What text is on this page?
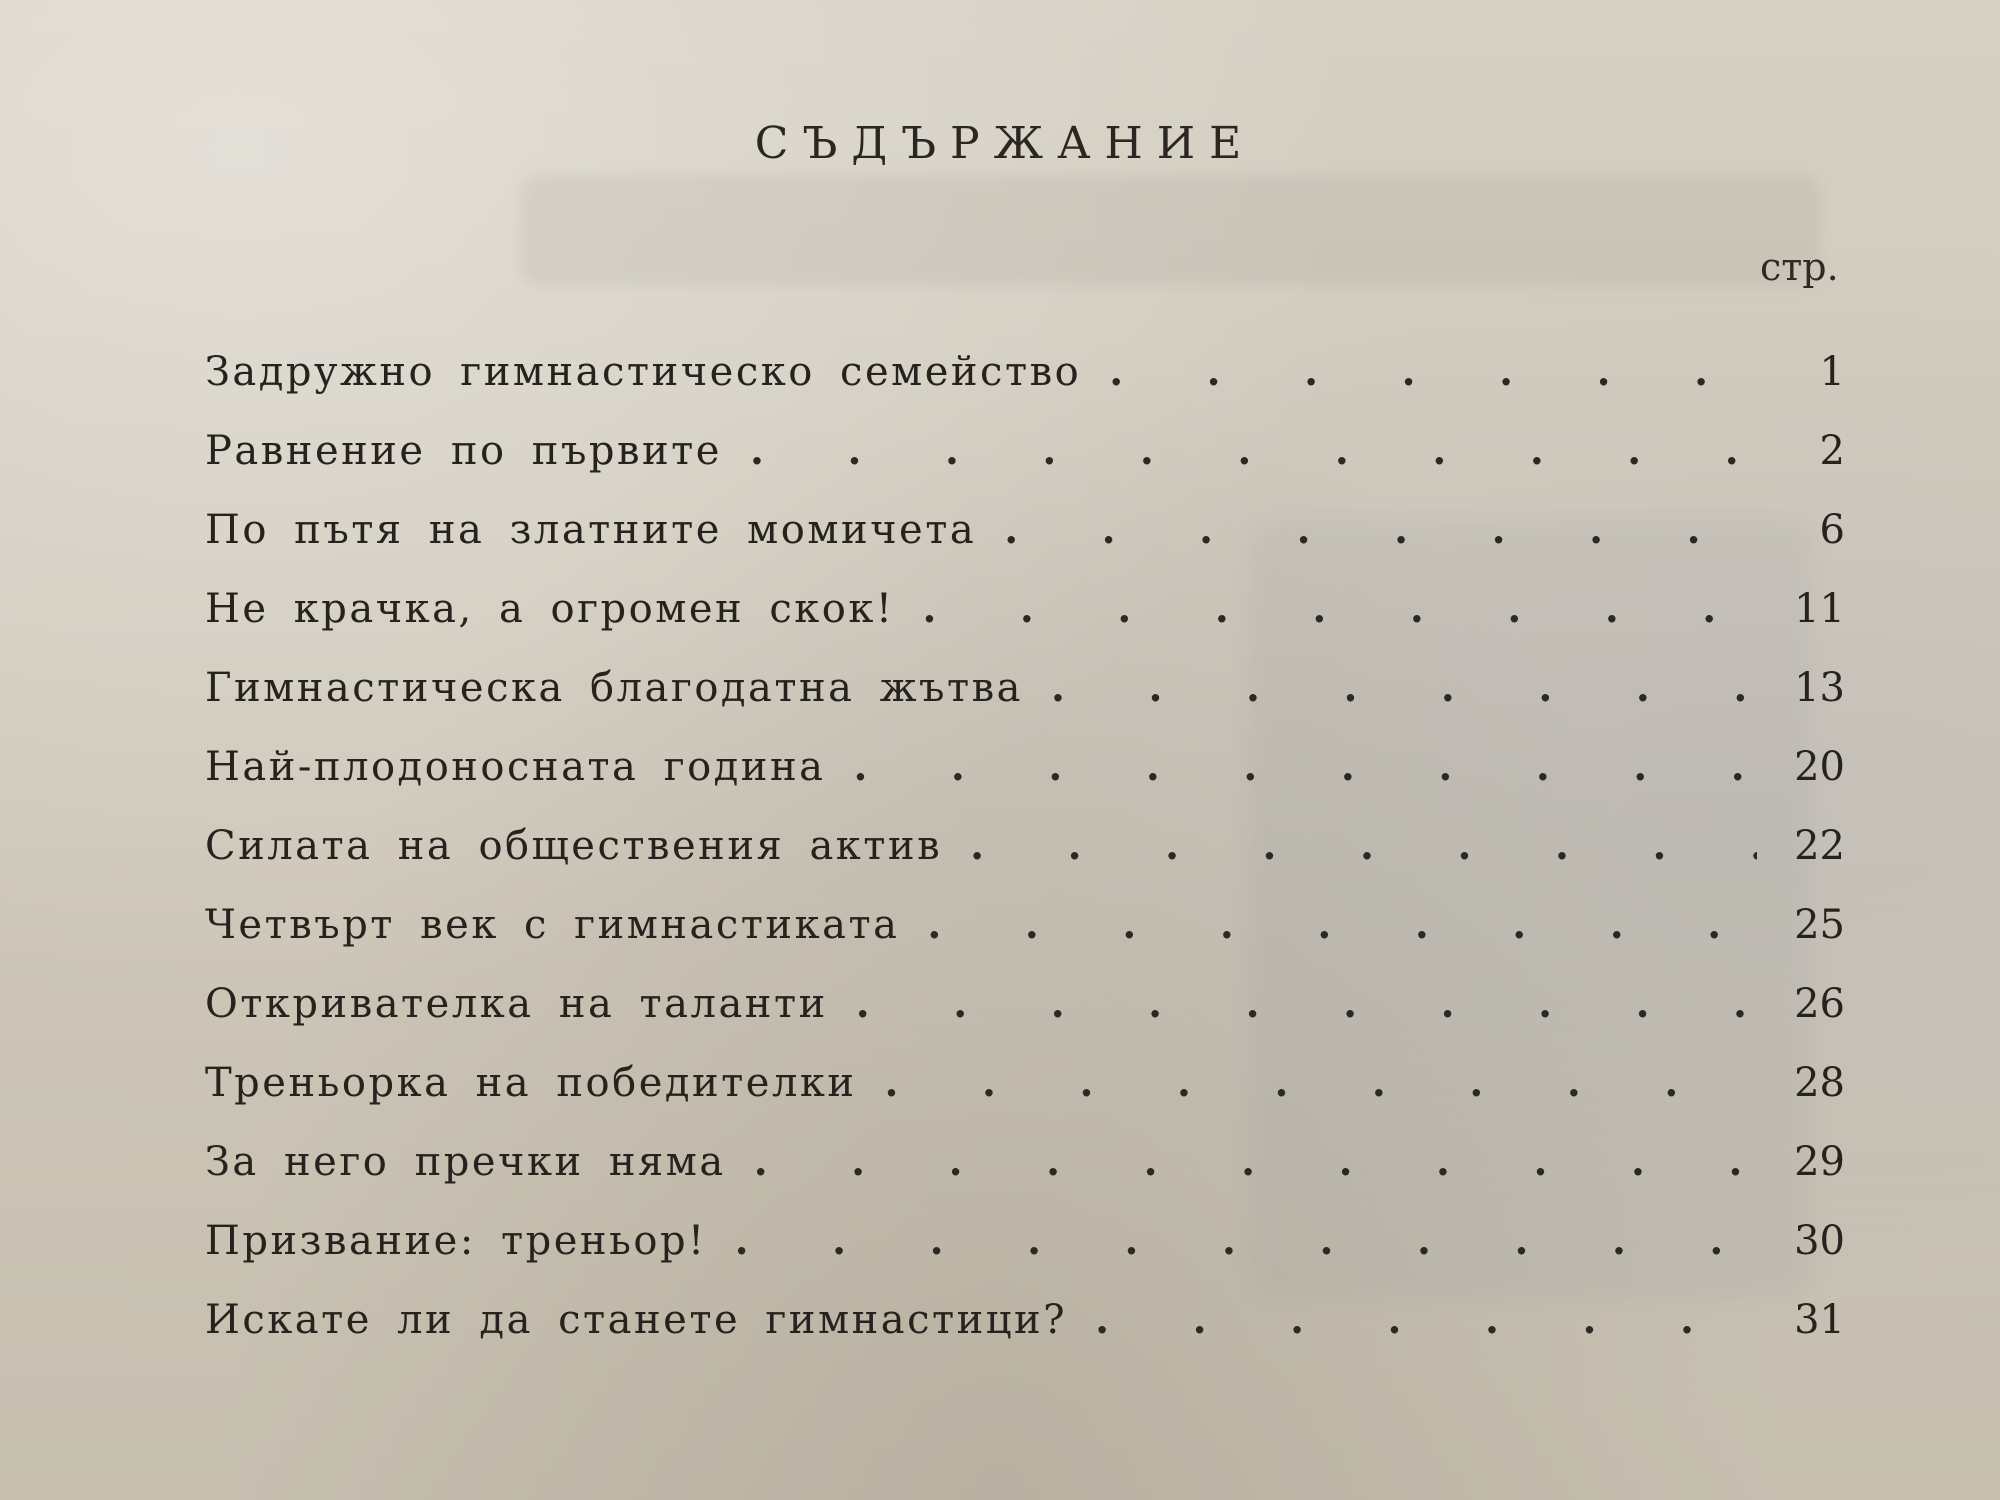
СЪДЪРЖАНИЕ
стр.
Задружно гимнастическо семейство .	1
Равнение по първите .	2
По пътя на златните момичета .	6
Не крачка, а огромен скок! .	11
Гимнастическа благодатна жътва .	13
Най-плодоносната година .	20
Силата на обществения актив .	22
Четвърт век с гимнастиката .	25
Откривателка на таланти .	26
Треньорка на победителки .	28
За него пречки няма .	29
Призвание: треньор! .	30
Искате ли да станете гимнастици? .	31
